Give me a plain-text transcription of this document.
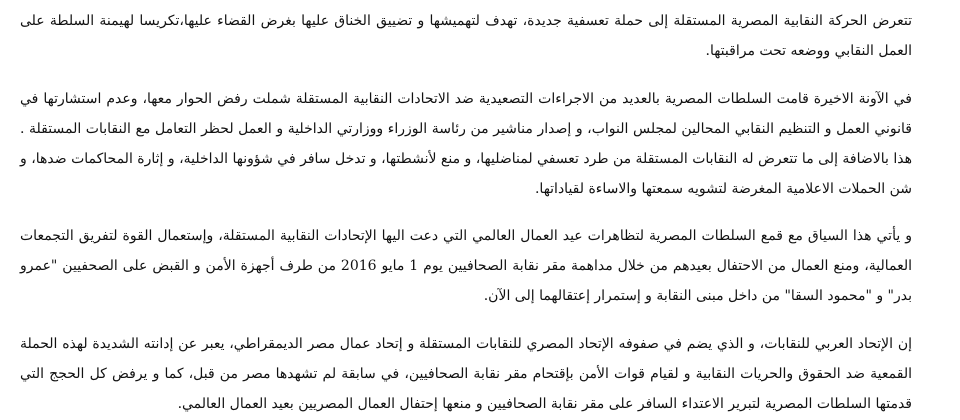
تتعرض الحركة النقابية المصرية المستقلة إلى حملة تعسفية جديدة، تهدف لتهميشها و تضييق الخناق عليها بغرض القضاء عليها،تكريسا لهيمنة السلطة على العمل النقابي ووضعه تحت مراقبتها.

في الآونة الاخيرة قامت السلطات المصرية بالعديد من الاجراءات التصعيدية ضد الاتحادات النقابية المستقلة شملت رفض الحوار معها، وعدم استشارتها في قانوني العمل و التنظيم النقابي المحالين لمجلس النواب، و إصدار مناشير من رئاسة الوزراء ووزارتي الداخلية و العمل لحظر التعامل مع النقابات المستقلة . هذا بالاضافة إلى ما تتعرض له النقابات المستقلة من طرد تعسفي لمناضليها، و منع لأنشطتها، و تدخل سافر في شؤونها الداخلية، و إثارة المحاكمات ضدها، و شن الحملات الاعلامية المغرضة لتشويه سمعتها والاساءة لقياداتها.

و يأتي هذا السياق مع قمع السلطات المصرية لتظاهرات عيد العمال العالمي التي دعت اليها الإتحادات النقابية المستقلة، وإستعمال القوة لتفريق التجمعات العمالية، ومنع العمال من الاحتفال بعيدهم من خلال مداهمة مقر نقابة الصحافيين يوم 1 مايو 2016 من طرف أجهزة الأمن و القبض على الصحفيين "عمرو بدر" و "محمود السقا" من داخل مبنى النقابة و إستمرار إعتقالهما إلى الآن.

إن الإتحاد العربي للنقابات، و الذي يضم في صفوفه الإتحاد المصري للنقابات المستقلة و إتحاد عمال مصر الديمقراطي، يعبر عن إدانته الشديدة لهذه الحملة القمعية ضد الحقوق والحريات النقابية و لقيام قوات الأمن بإقتحام مقر نقابة الصحافيين، في سابقة لم تشهدها مصر من قبل، كما و يرفض كل الحجج التي قدمتها السلطات المصرية لتبرير الاعتداء السافر على مقر نقابة الصحافيين و منعها إحتفال العمال المصريين بعيد العمال العالمي.
